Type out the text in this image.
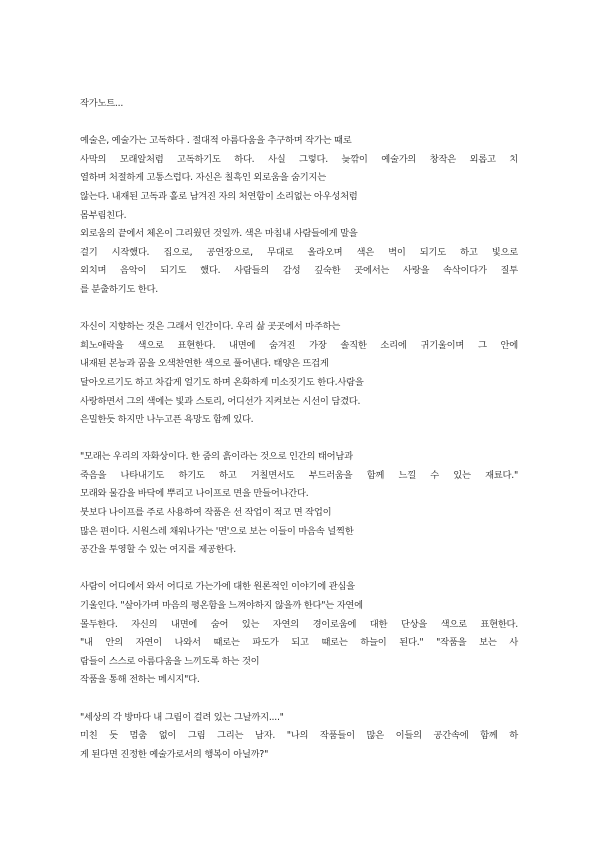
작가노트...
예술은, 예술가는 고독하다 . 절대적 아름다움을 추구하며 작가는 때로
사막의 모래알처럼 고독하기도 하다. 사실 그렇다. 늦깎이 예술가의 창작은 외롭고 치
열하며 처절하게 고통스럽다. 자신은 칠흑인 외로움을 숨기지는
않는다. 내재된 고독과 홀로 남겨진 자의 처연함이 소리없는 아우성처럼
몸부림친다.
외로움의 끝에서 체온이 그리웠던 것일까. 색은 마침내 사람들에게 말을
걸기 시작했다. 집으로, 공연장으로, 무대로 올라오며 색은 벽이 되기도 하고 빛으로
외치며 음악이 되기도 했다. 사람들의 감성 깊숙한 곳에서는 사랑을 속삭이다가 질투
를 분출하기도 한다.
자신이 지향하는 것은 그래서 인간이다. 우리 삶 곳곳에서 마주하는
희노애락을 색으로 표현한다. 내면에 숨겨진 가장 솔직한 소리에 귀기울이며 그 안에
내재된 본능과 꿈을 오색찬연한 색으로 풀어낸다. 태양은 뜨겁게
달아오르기도 하고 차갑게 얼기도 하며 온화하게 미소짓기도 한다.사람을
사랑하면서 그의 색에는 빛과 스토리, 어디선가 지켜보는 시선이 담겼다.
은밀한듯 하지만 나누고픈 욕망도 함께 있다.
"모래는 우리의 자화상이다. 한 줌의 흙이라는 것으로 인간의 태어남과
죽음을 나타내기도 하기도 하고 거칠면서도 부드러움을 함께 느낄 수 있는 재료다."
모래와 물감을 바닥에 뿌리고 나이프로 면을 만들어나간다.
붓보다 나이프를 주로 사용하여 작품은 선 작업이 적고 면 작업이
많은 편이다. 시원스레 채워나가는 '면'으로 보는 이들이 마음속 널찍한
공간을 투영할 수 있는 여지를 제공한다.
사람이 어디에서 와서 어디로 가는가에 대한 원론적인 이야기에 관심을
기울인다. "살아가며 마음의 평온함을 느껴야하지 않을까 한다"는 자연에
몰두한다. 자신의 내면에 숨어 있는 자연의 경이로움에 대한 단상을 색으로 표현한다.
"내 안의 자연이 나와서 때로는 파도가 되고 때로는 하늘이 된다." "작품을 보는 사
람들이 스스로 아름다움을 느끼도록 하는 것이
작품을 통해 전하는 메시지"다.
"세상의 각 방마다 내 그림이 걸려 있는 그날까지...."
미친 듯 멈춤 없이 그림 그리는 남자. "나의 작품들이 많은 이들의 공간속에 함께 하
게 된다면 진정한 예술가로서의 행복이 아닐까?"
